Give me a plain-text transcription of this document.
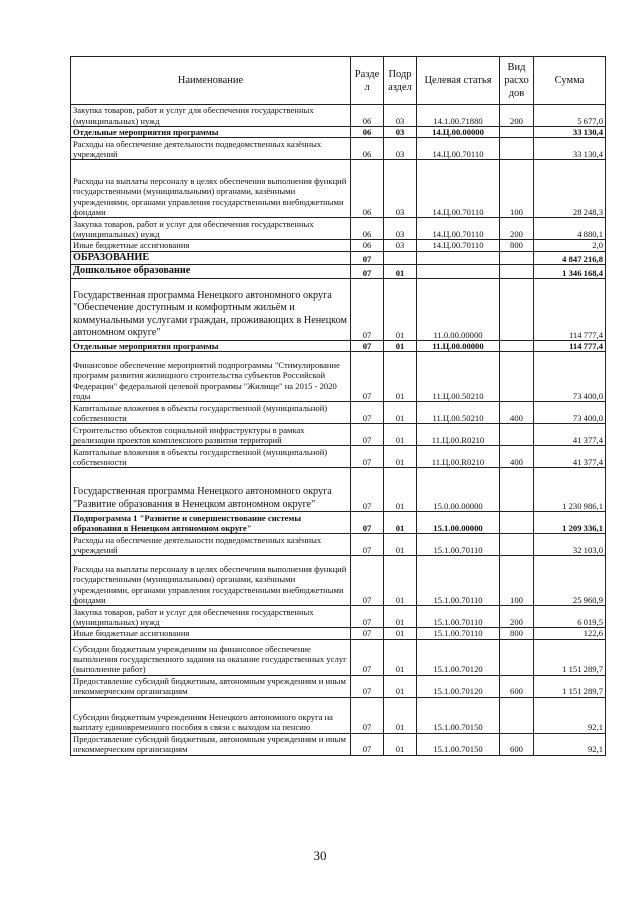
Наименование	Разде л	Подр аздел	Целевая статья	Вид расхо дов	Сумма
Закупка товаров, работ и услуг для обеспечения государственных (муниципальных) нужд	06	03	14.1.00.71880	200	5 677,0
Отдельные мероприятия программы	06	03	14.Ц.00.00000		33 130,4
Расходы на обеспечение деятельности подведомственных казённых учреждений	06	03	14.Ц.00.70110		33 130,4
Расходы на выплаты персоналу в целях обеспечения выполнения функций государственными (муниципальными) органами, казёнными учреждениями, органами управления государственными внебюджетными фондами	06	03	14.Ц.00.70110	100	28 248,3
Закупка товаров, работ и услуг для обеспечения государственных (муниципальных) нужд	06	03	14.Ц.00.70110	200	4 880,1
Иные бюджетные ассигнования	06	03	14.Ц.00.70110	800	2,0
ОБРАЗОВАНИЕ	07				4 847 216,8
Дошкольное образование	07	01			1 346 168,4
Государственная программа Ненецкого автономного округа "Обеспечение доступным и комфортным жильём и коммунальными услугами граждан, проживающих в Ненецком автономном округе"	07	01	11.0.00.00000		114 777,4
Отдельные мероприятия программы	07	01	11.Ц.00.00000		114 777,4
Финансовое обеспечение мероприятий подпрограммы "Стимулирование программ развития жилищного строительства субъектов Российской Федерации" федеральной целевой программы "Жилище" на 2015 - 2020 годы	07	01	11.Ц.00.50210		73 400,0
Капитальные вложения в объекты государственной (муниципальной) собственности	07	01	11.Ц.00.50210	400	73 400,0
Строительство объектов социальной инфраструктуры в рамках реализации проектов комплексного развития территорий	07	01	11.Ц.00.R0210		41 377,4
Капитальные вложения в объекты государственной (муниципальной) собственности	07	01	11.Ц.00.R0210	400	41 377,4
Государственная программа Ненецкого автономного округа "Развитие образования в Ненецком автономном округе"	07	01	15.0.00.00000		1 230 986,1
Подпрограмма 1 "Развитие и совершенствование системы образования в Ненецком автономном округе"	07	01	15.1.00.00000		1 209 336,1
Расходы на обеспечение деятельности подведомственных казённых учреждений	07	01	15.1.00.70110		32 103,0
Расходы на выплаты персоналу в целях обеспечения выполнения функций государственными (муниципальными) органами, казёнными учреждениями, органами управления государственными внебюджетными фондами	07	01	15.1.00.70110	100	25 960,9
Закупка товаров, работ и услуг для обеспечения государственных (муниципальных) нужд	07	01	15.1.00.70110	200	6 019,5
Иные бюджетные ассигнования	07	01	15.1.00.70110	800	122,6
Субсидии бюджетным учреждениям на финансовое обеспечение выполнения государственного задания на оказание государственных услуг (выполнение работ)	07	01	15.1.00.70120		1 151 289,7
Предоставление субсидий бюджетным, автономным учреждениям и иным некоммерческим организациям	07	01	15.1.00.70120	600	1 151 289,7
Субсидии бюджетным учреждениям Ненецкого автономного округа на выплату единовременного пособия в связи с выходом на пенсию	07	01	15.1.00.70150		92,1
Предоставление субсидий бюджетным, автономным учреждениям и иным некоммерческим организациям	07	01	15.1.00.70150	600	92,1
30
